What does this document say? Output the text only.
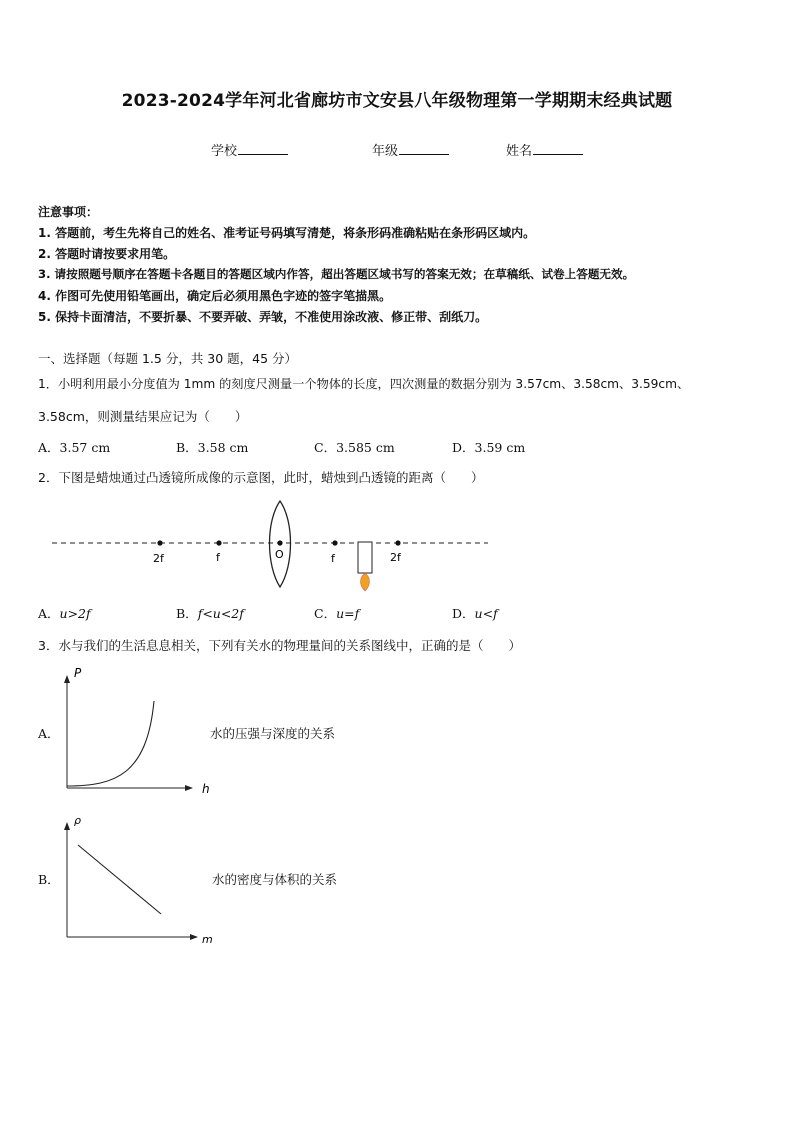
2023-2024学年河北省廊坊市文安县八年级物理第一学期期末经典试题
学校	年级	姓名
注意事项：
1. 答题前，考生先将自己的姓名、准考证号码填写清楚，将条形码准确粘贴在条形码区域内。
2. 答题时请按要求用笔。
3. 请按照题号顺序在答题卡各题目的答题区域内作答，超出答题区域书写的答案无效；在草稿纸、试卷上答题无效。
4. 作图可先使用铅笔画出，确定后必须用黑色字迹的签字笔描黑。
5. 保持卡面清洁，不要折暴、不要弄破、弄皱，不准使用涂改液、修正带、刮纸刀。
一、选择题（每题 1.5 分，共 30 题，45 分）
1．小明利用最小分度值为 1mm 的刻度尺测量一个物体的长度，四次测量的数据分别为 3.57cm、3.58cm、3.59cm、
3.58cm，则测量结果应记为（　　）
A．3.57 cm	B．3.58 cm	C．3.585 cm	D．3.59 cm
2．下图是蜡烛通过凸透镜所成像的示意图，此时，蜡烛到凸透镜的距离（　　）
2f	f	O	f	2f
A．u>2f	B．f<u<2f	C．u=f	D．u<f
3．水与我们的生活息息相关，下列有关水的物理量间的关系图线中，正确的是（　　）
A．
P
h
水的压强与深度的关系
B．
ρ
m
水的密度与体积的关系
